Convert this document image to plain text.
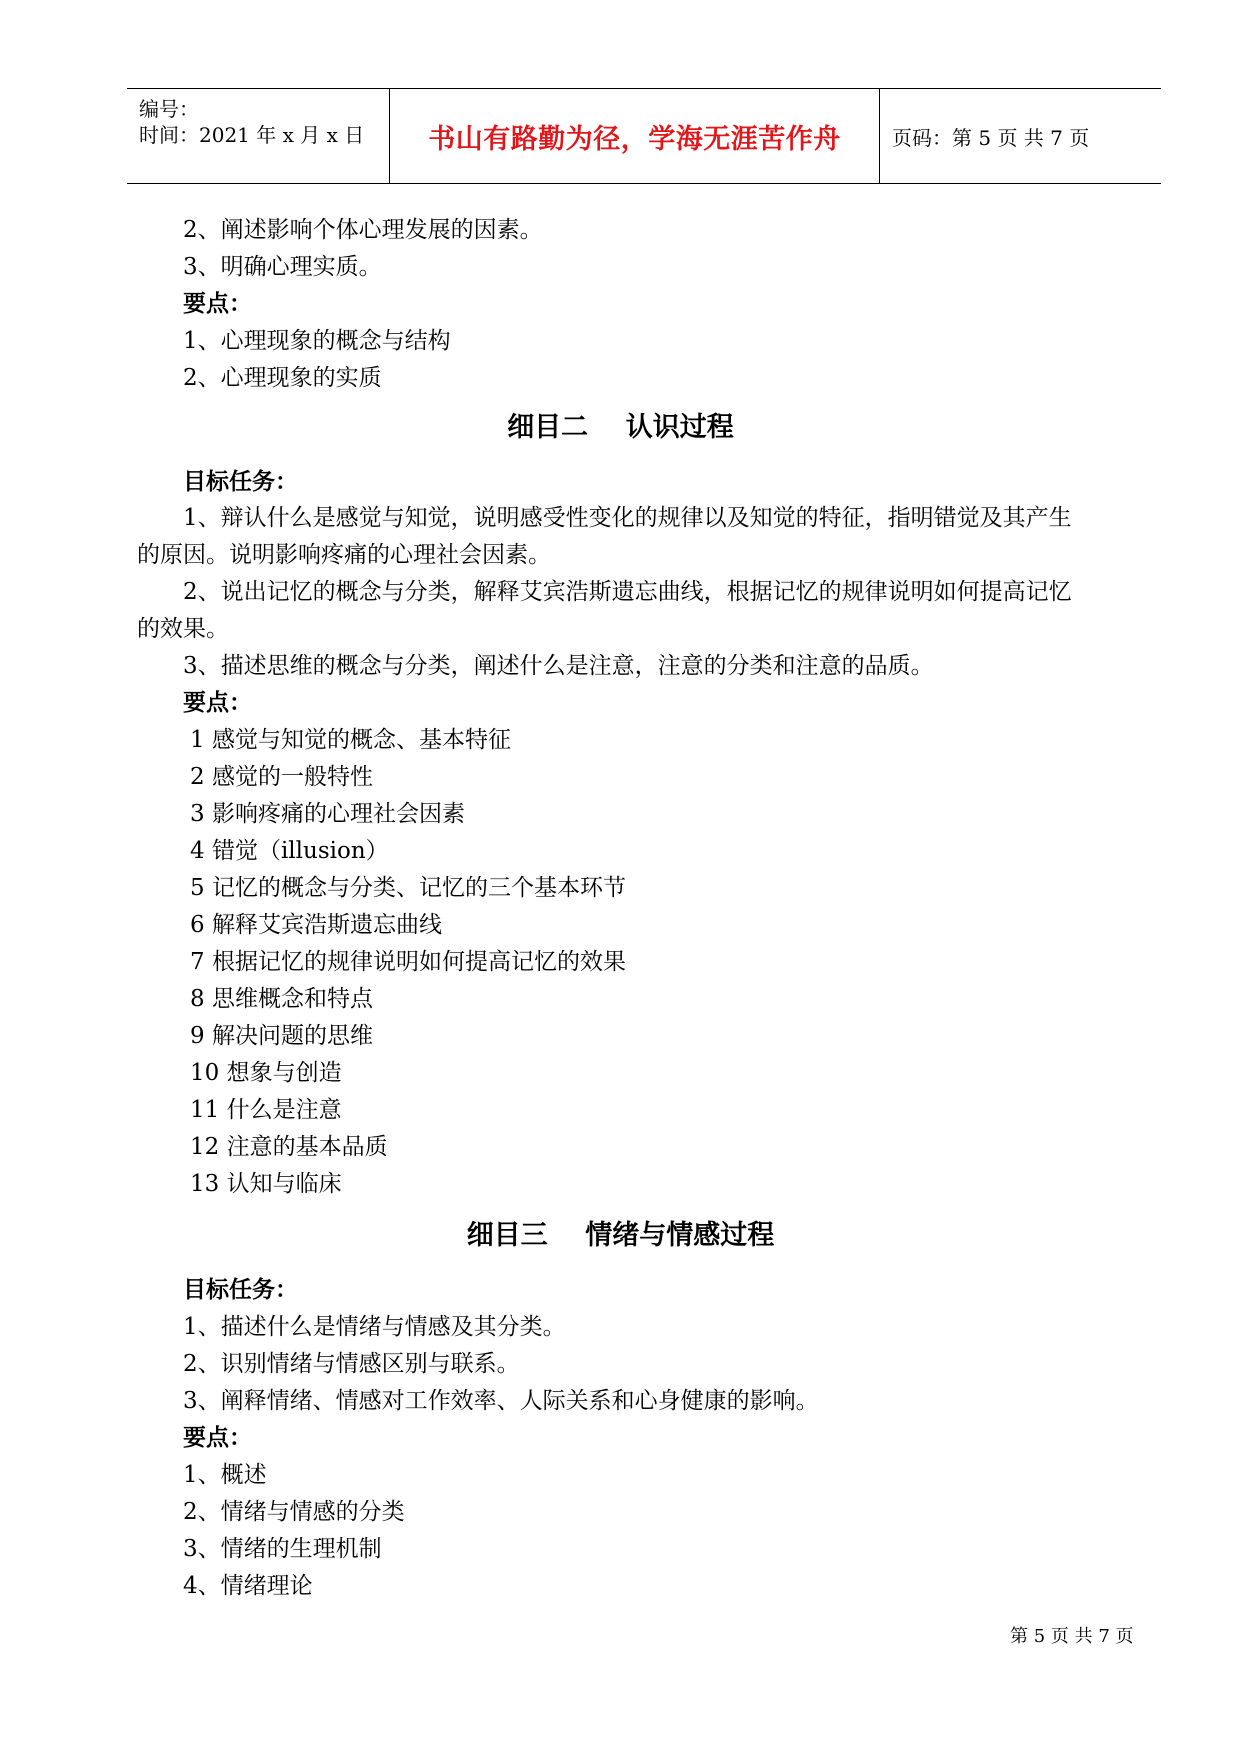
编号：
时间：2021 年 x 月 x 日 书山有路勤为径，学海无涯苦作舟	页码：第 5 页 共 7 页
2、阐述影响个体心理发展的因素。
3、明确心理实质。
要点：
1、心理现象的概念与结构
2、心理现象的实质
细目二    认识过程
目标任务：
1、辩认什么是感觉与知觉，说明感受性变化的规律以及知觉的特征，指明错觉及其产生
的原因。说明影响疼痛的心理社会因素。
2、说出记忆的概念与分类，解释艾宾浩斯遗忘曲线，根据记忆的规律说明如何提高记忆
的效果。
3、描述思维的概念与分类，阐述什么是注意，注意的分类和注意的品质。
要点：
1 感觉与知觉的概念、基本特征
2 感觉的一般特性
3 影响疼痛的心理社会因素
4 错觉（illusion）
5 记忆的概念与分类、记忆的三个基本环节
6 解释艾宾浩斯遗忘曲线
7 根据记忆的规律说明如何提高记忆的效果
8 思维概念和特点
9 解决问题的思维
10 想象与创造
11 什么是注意
12 注意的基本品质
13 认知与临床
细目三    情绪与情感过程
目标任务：
1、描述什么是情绪与情感及其分类。
2、识别情绪与情感区别与联系。
3、阐释情绪、情感对工作效率、人际关系和心身健康的影响。
要点：
1、概述
2、情绪与情感的分类
3、情绪的生理机制
4、情绪理论
第 5 页 共 7 页
